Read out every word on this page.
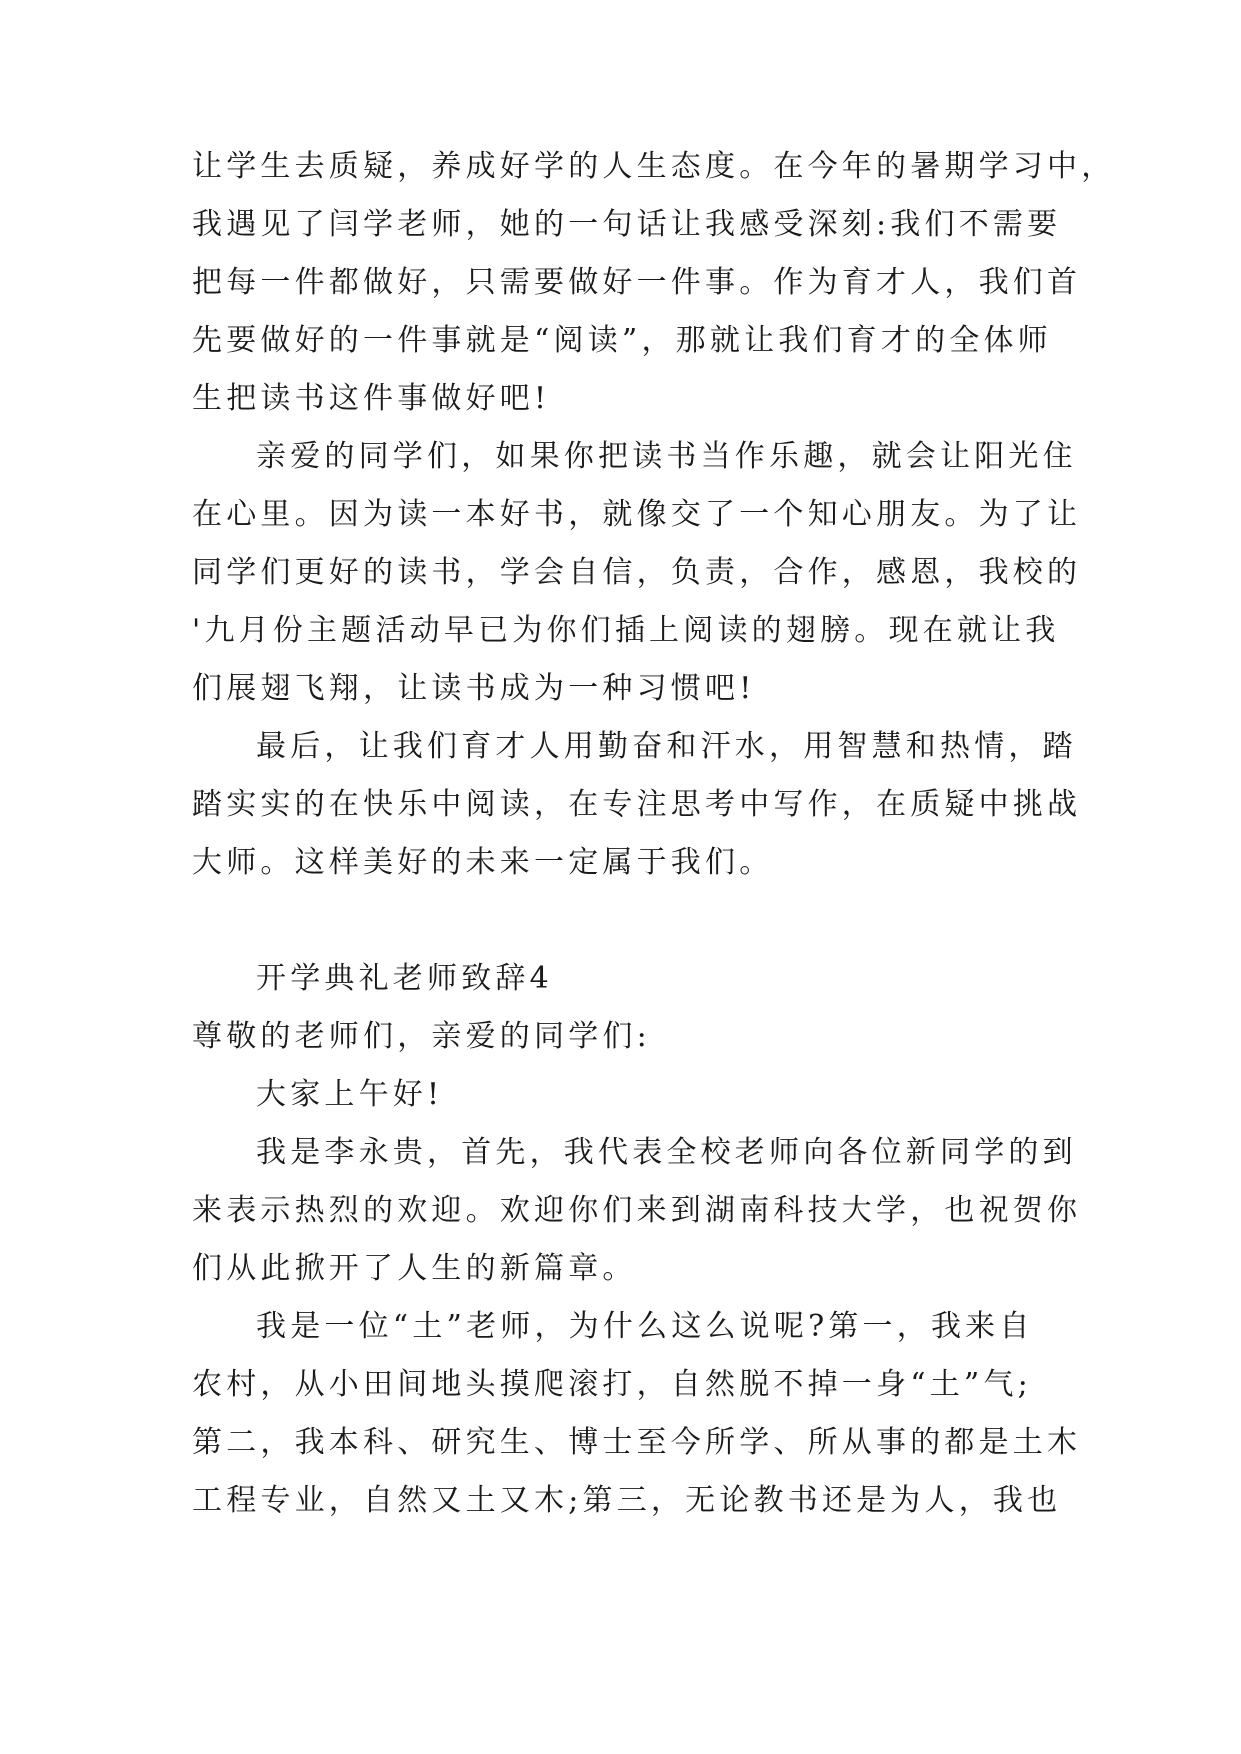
让学生去质疑，养成好学的人生态度。在今年的暑期学习中，
我遇见了闫学老师，她的一句话让我感受深刻:我们不需要
把每一件都做好，只需要做好一件事。作为育才人，我们首
先要做好的一件事就是“阅读”，那就让我们育才的全体师
生把读书这件事做好吧!
亲爱的同学们，如果你把读书当作乐趣，就会让阳光住
在心里。因为读一本好书，就像交了一个知心朋友。为了让
同学们更好的读书，学会自信，负责，合作，感恩，我校的
'九月份主题活动早已为你们插上阅读的翅膀。现在就让我
们展翅飞翔，让读书成为一种习惯吧!
最后，让我们育才人用勤奋和汗水，用智慧和热情，踏
踏实实的在快乐中阅读，在专注思考中写作，在质疑中挑战
大师。这样美好的未来一定属于我们。
开学典礼老师致辞4
尊敬的老师们，亲爱的同学们:
大家上午好!
我是李永贵，首先，我代表全校老师向各位新同学的到
来表示热烈的欢迎。欢迎你们来到湖南科技大学，也祝贺你
们从此掀开了人生的新篇章。
我是一位“土”老师，为什么这么说呢?第一，我来自
农村，从小田间地头摸爬滚打，自然脱不掉一身“土”气;
第二，我本科、研究生、博士至今所学、所从事的都是土木
工程专业，自然又土又木;第三，无论教书还是为人，我也
